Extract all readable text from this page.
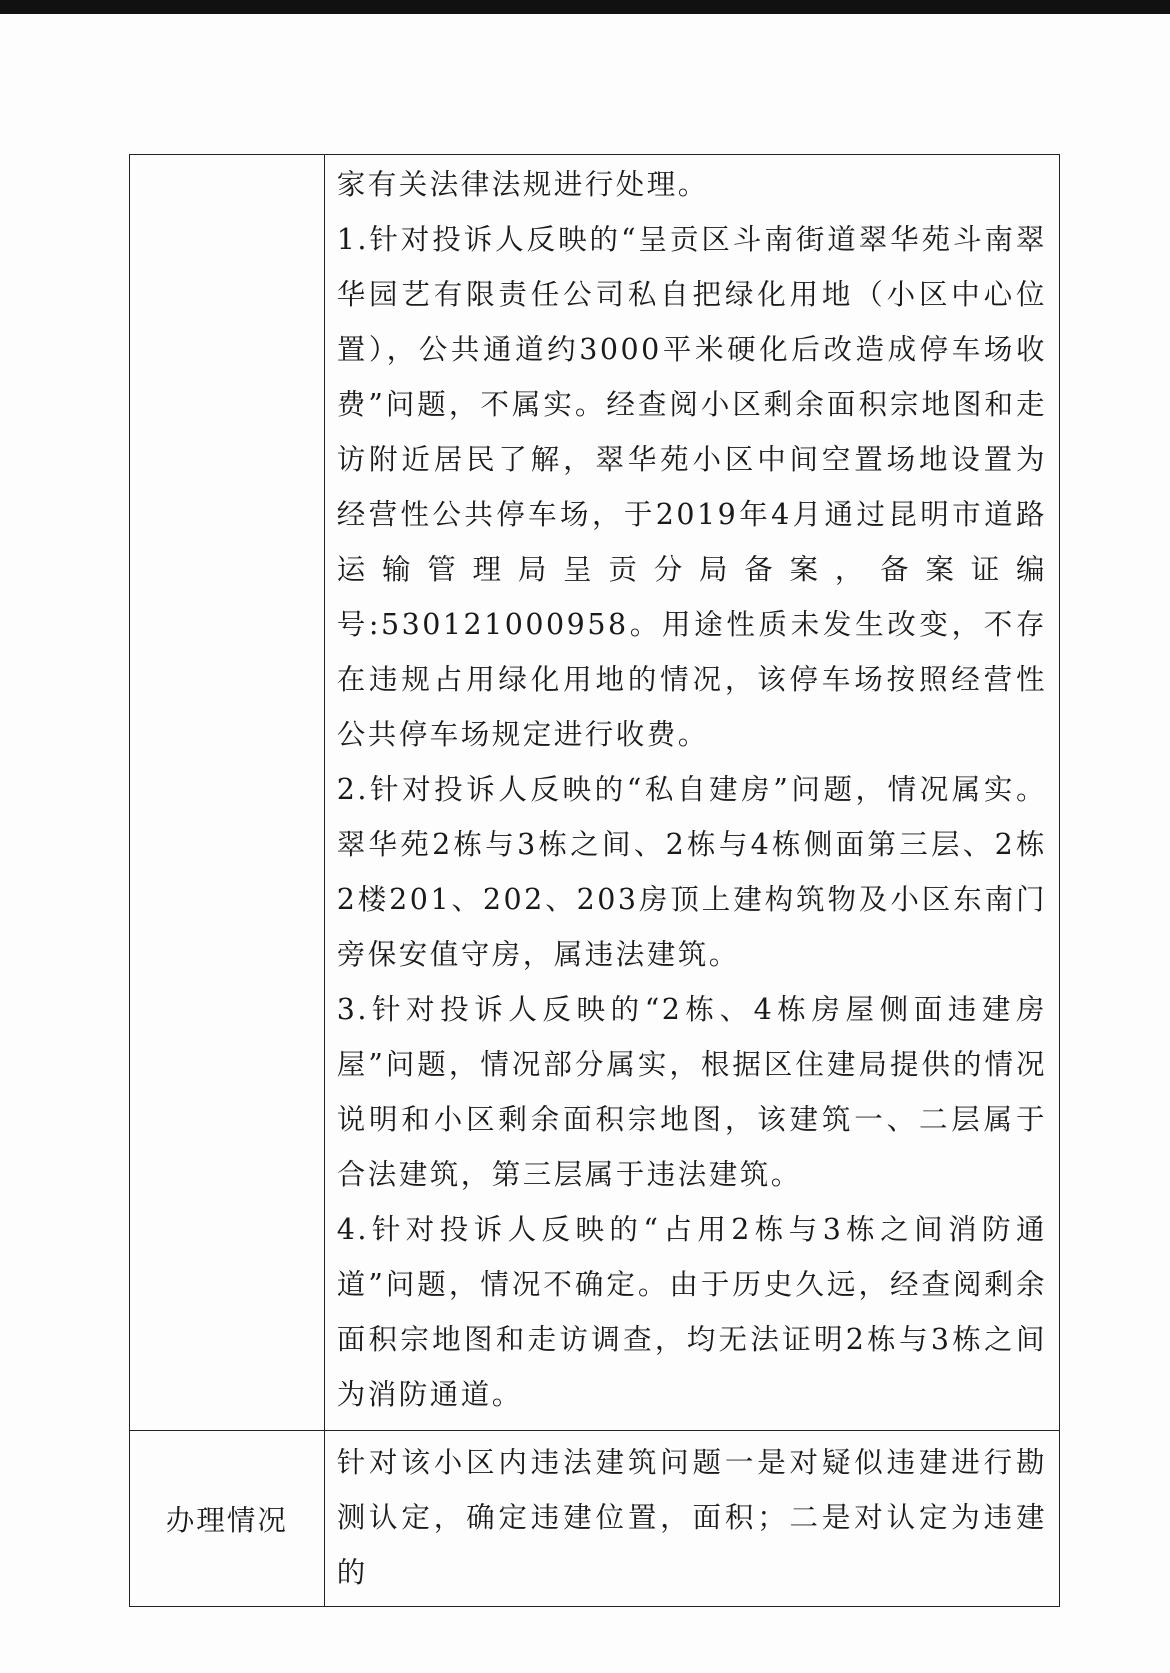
	家有关法律法规进行处理。

1.针对投诉人反映的“呈贡区斗南街道翠华苑斗南翠华园艺有限责任公司私自把绿化用地（小区中心位置），公共通道约3000平米硬化后改造成停车场收费”问题，不属实。经查阅小区剩余面积宗地图和走访附近居民了解，翠华苑小区中间空置场地设置为经营性公共停车场，于2019年4月通过昆明市道路运输管理局呈贡分局备案，备案证编号:530121000958。用途性质未发生改变，不存在违规占用绿化用地的情况，该停车场按照经营性公共停车场规定进行收费。

2.针对投诉人反映的“私自建房”问题，情况属实。翠华苑2栋与3栋之间、2栋与4栋侧面第三层、2栋2楼201、202、203房顶上建构筑物及小区东南门旁保安值守房，属违法建筑。

3.针对投诉人反映的“2栋、4栋房屋侧面违建房屋”问题，情况部分属实，根据区住建局提供的情况说明和小区剩余面积宗地图，该建筑一、二层属于合法建筑，第三层属于违法建筑。

4.针对投诉人反映的“占用2栋与3栋之间消防通道”问题，情况不确定。由于历史久远，经查阅剩余面积宗地图和走访调查，均无法证明2栋与3栋之间为消防通道。

办理情况	针对该小区内违法建筑问题一是对疑似违建进行勘测认定，确定违建位置，面积；二是对认定为违建的
